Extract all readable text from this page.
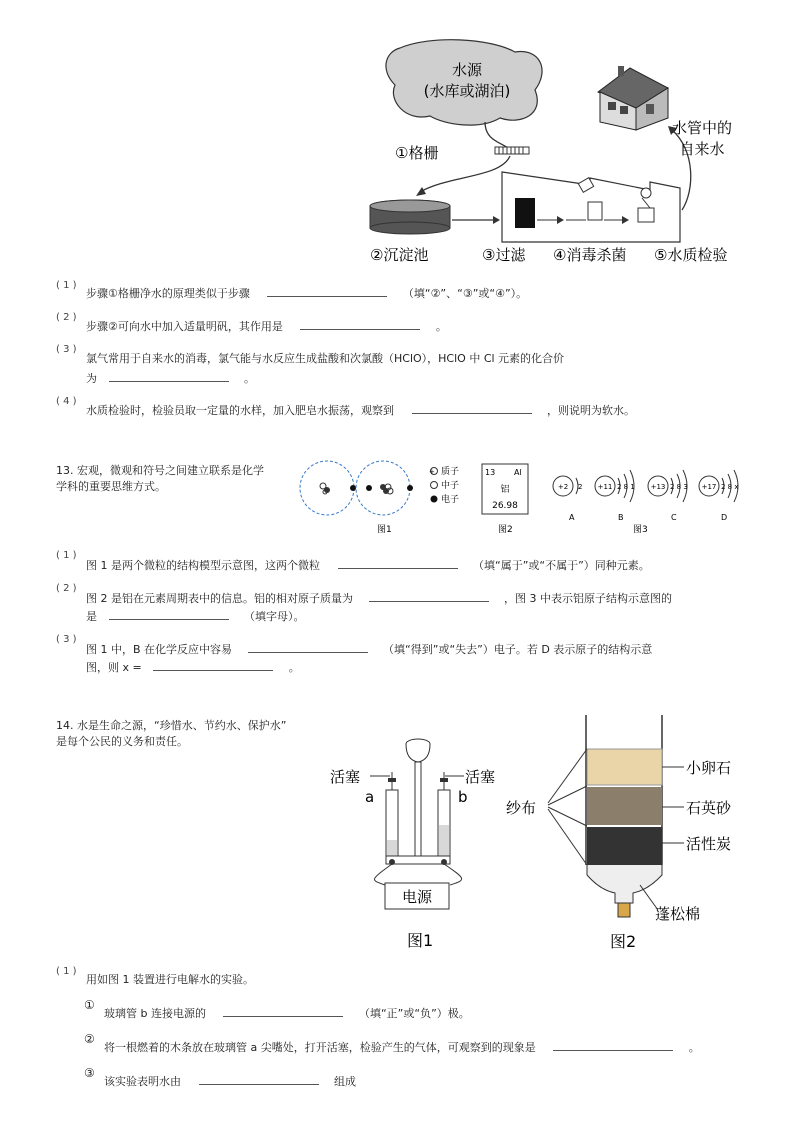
水源
(水库或湖泊)
①格栅
水管中的
自来水
②沉淀池	③过滤 ④消毒杀菌 ⑤水质检验
( 1 )
步骤①格栅净水的原理类似于步骤	（填“②”、“③”或“④”）。
( 2 )
步骤②可向水中加入适量明矾，其作用是	。
( 3 )
氯气常用于自来水的消毒，氯气能与水反应生成盐酸和次氯酸（HClO），HClO 中 Cl 元素的化合价
为	。
( 4 )
水质检验时，检验员取一定量的水样，加入肥皂水振荡，观察到	，则说明为软水。
13. 宏观，微观和符号之间建立联系是化学
学科的重要思维方式。
+ 质子
中子
电子
图1
13 Al
铝
26.98
图2
+2 2
A
+11 2 8 1
B
+13 2 8 3
C
+17 2 8 x
D
图3
( 1 )
图 1 是两个微粒的结构模型示意图，这两个微粒	（填“属于”或“不属于”）同种元素。
( 2 )
图 2 是铝在元素周期表中的信息。铝的相对原子质量为	，图 3 中表示铝原子结构示意图的
是	（填字母）。
( 3 )
图 1 中，B 在化学反应中容易	（填“得到”或“失去”）电子。若 D 表示原子的结构示意
图，则 x =	。
14. 水是生命之源，“珍惜水、节约水、保护水”
是每个公民的义务和责任。
活塞	活塞
a	b
电源
图1
纱布
小卵石
石英砂
活性炭
蓬松棉
图2
( 1 )
用如图 1 装置进行电解水的实验。
①
玻璃管 b 连接电源的	（填“正”或“负”）极。
②
将一根燃着的木条放在玻璃管 a 尖嘴处，打开活塞，检验产生的气体，可观察到的现象是	。
③
该实验表明水由	组成
